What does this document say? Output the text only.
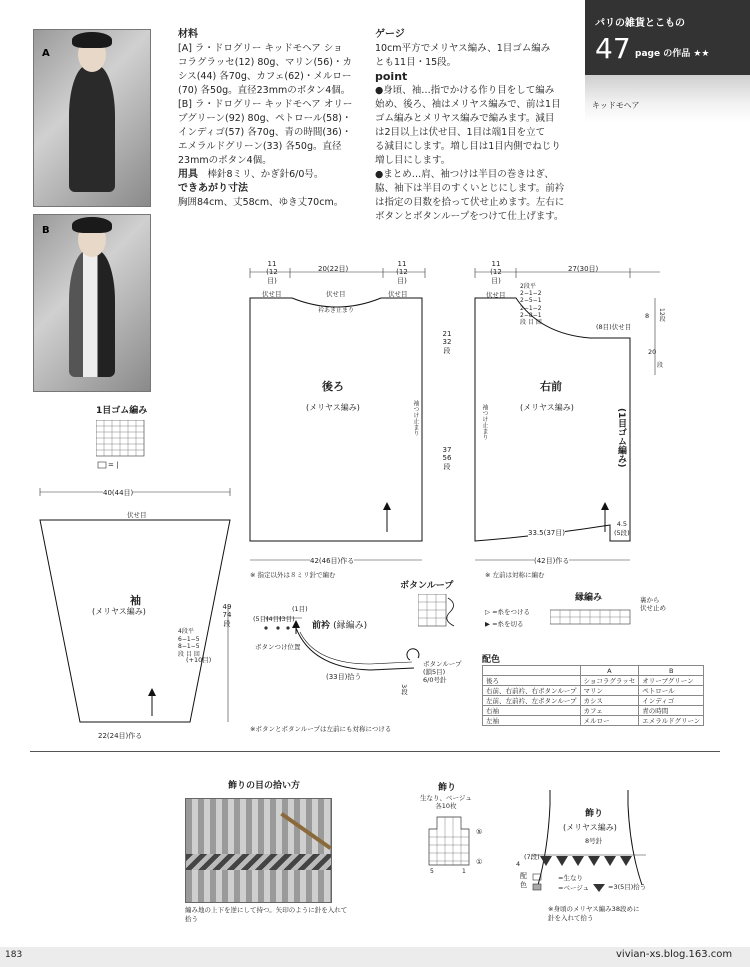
A
B
材料
[A] ラ・ドログリー キッドモヘア ショ
コラグラッセ(12) 80g、マリン(56)・カ
シス(44) 各70g、カフェ(62)・メルロー
(70) 各50g。直径23mmのボタン4個。
[B] ラ・ドログリー キッドモヘア オリー
ブグリーン(92) 80g、ペトロール(58)・
インディゴ(57) 各70g、青の時間(36)・
エメラルドグリーン(33) 各50g。直径
23mmのボタン4個。
用具　 棒針8ミリ、かぎ針6/0号。
できあがり寸法
胸囲84cm、丈58cm、ゆき丈70cm。
ゲージ
10cm平方でメリヤス編み、1目ゴム編み
とも11目・15段。
point
●身頃、袖…指でかける作り目をして編み
始め、後ろ、袖はメリヤス編みで、前は1目
ゴム編みとメリヤス編みで編みます。減目
は2目以上は伏せ目、1目は端1目を立て
る減目にします。増し目は1目内側でねじり
増し目にします。
●まとめ…肩、袖つけは半目の巻きはぎ、
脇、袖下は半目のすくいとじにします。前衿
は指定の目数を拾って伏せ止めます。左右に
ボタンとボタンループをつけて仕上げます。
パリの雑貨とこもの
47 page の作品 ★★
キッドモヘア
11
(12目)
20(22目)
11
(12目)
伏せ目	伏せ目	伏せ目
衿あき止まり
後ろ
(メリヤス編み)
21
32段
37
56段
袖つけ止まり
42(46目)作る
※ 指定以外は８ミリ針で編む
11
(12目)
27(30目)
伏せ目
2段平
2−1−2
2−5−1
2−1−2
2−8−1
段 目 回
(8目)伏せ目
8 12段
20
段
右前
(メリヤス編み)
袖つけ止まり	(1目ゴム編み)
33.5(37目)
4.5
(5段)
(42目)作る
※ 左前は対称に編む
1目ゴム編み
= |
40(44目)
伏せ目
袖
(メリヤス編み)
4段平
6−1−5
8−1−5
段 目 回
(+10目)
49
74段
22(24目)作る
(5目)
(4目)
(3目)
(1目)
前衿 (縁編み)
ボタンつけ位置
(33目)拾う
ボタンループ
(鎖5目)
6/0号針
3段
※ボタンとボタンループは左前にも対称につける
ボタンループ
▷ =糸をつける
▶ =糸を切る
縁編み	裏から
伏せ止め
配色
	A	B
後ろ	ショコラグラッセ	オリーブグリーン
右前、右前衿、右ボタンループ	マリン	ペトロール
左前、左前衿、左ボタンループ	カシス	インディゴ
右袖	カフェ	青の時間
左袖	メルロー	エメラルドグリーン
飾りの目の拾い方
編み地の上下を逆にして持つ。矢印のように針を入れて
拾う
飾り
生なり、ベージュ
各10枚
⑤
①
5	1
飾り
(メリヤス編み)
8号針
4
(7段)
配
色
=生なり
=ベージュ	=3(5目)拾う
※身頃のメリヤス編み38段めに
針を入れて拾う
183	vivian-xs.blog.163.com
